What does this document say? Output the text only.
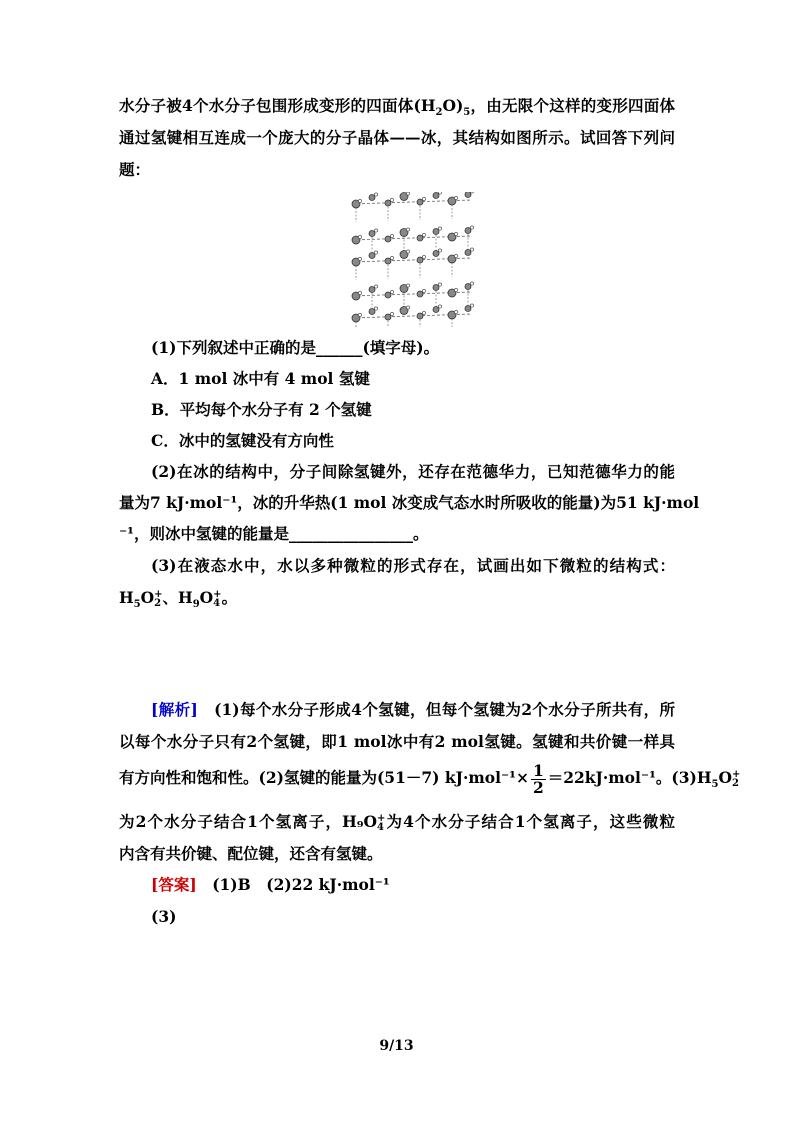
水分子被4个水分子包围形成变形的四面体$(H_2O)_5$，由无限个这样的变形四面体

通过氢键相互连成一个庞大的分子晶体——冰，其结构如图所示。试回答下列问

题：

(1)下列叙述中正确的是______(填字母)。

A．1 mol 冰中有 4 mol 氢键

B．平均每个水分子有 2 个氢键

C．冰中的氢键没有方向性

(2)在冰的结构中，分子间除氢键外，还存在范德华力，已知范德华力的能

量为7 kJ·mol⁻¹，冰的升华热(1 mol 冰变成气态水时所吸收的能量)为51 kJ·mol

⁻¹，则冰中氢键的能量是________________。

(3)在液态水中，水以多种微粒的形式存在，试画出如下微粒的结构式：

$H_5O$ +
2 、$H_9O$ +
4 。

[解析]　 (1)每个水分子形成4个氢键，但每个氢键为2个水分子所共有，所

以每个水分子只有2个氢键，即1 mol冰中有2 mol氢键。氢键和共价键一样具

有方向性和饱和性。(2)氢键的能量为(51－7) $kJ\cdot mol^{-1}\times \frac{1}{2} =22kJ\cdot mol^{-1}$。$(3)H_5O$ +
2

为2个水分子结合1个氢离子，H₉O +
4 为4个水分子结合1个氢离子，这些微粒

内含有共价键、配位键，还含有氢键。

[答案]　 (1)B　(2)22 kJ·mol⁻¹

(3)

9/13
